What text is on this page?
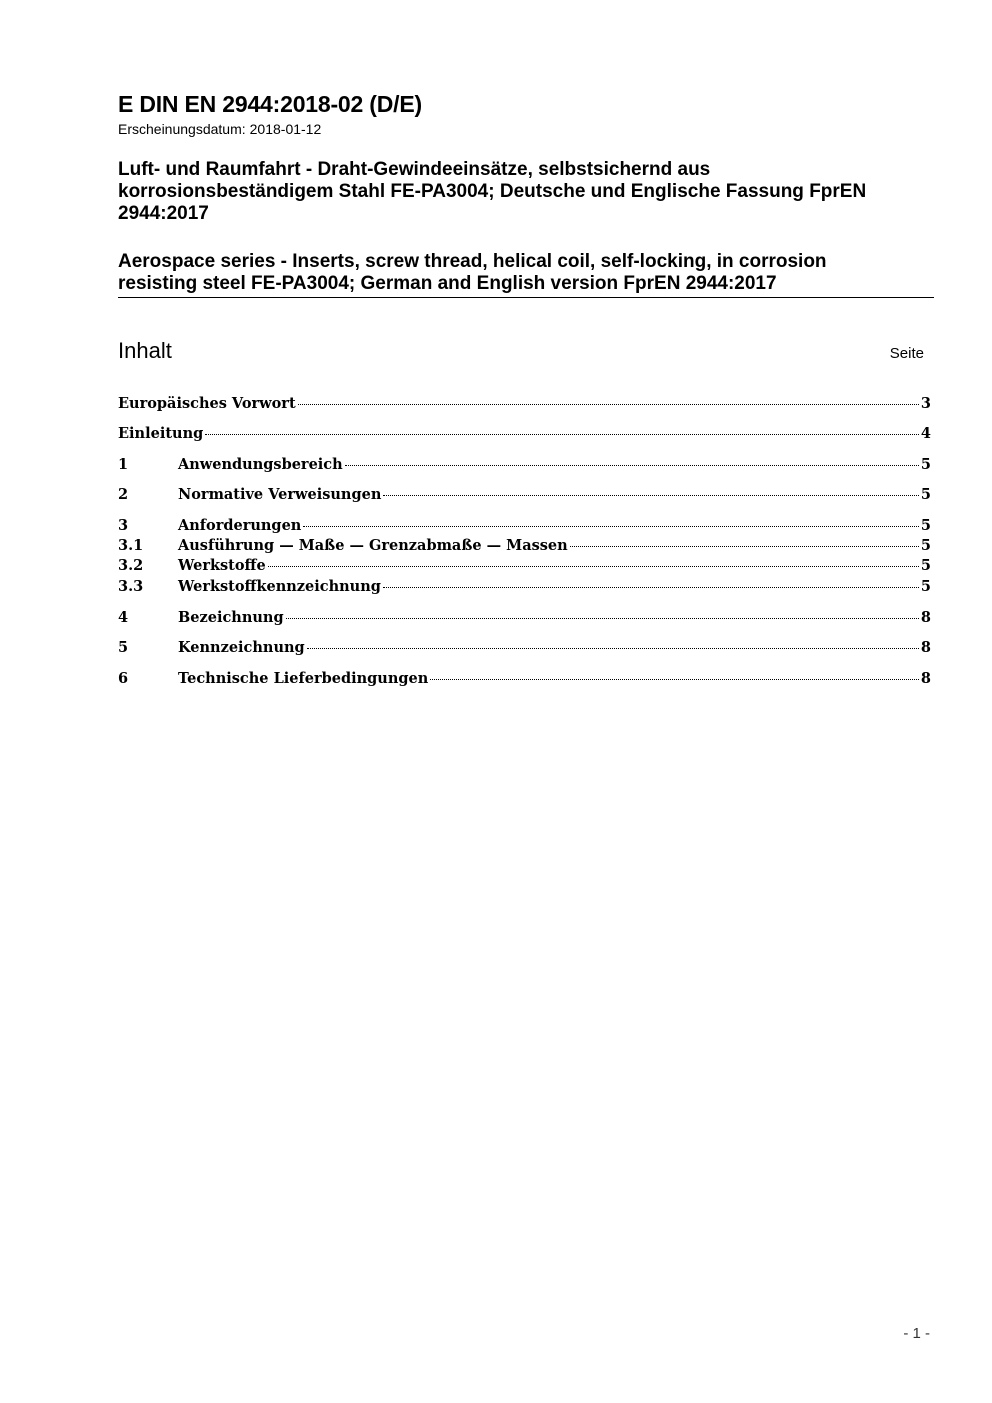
E DIN EN 2944:2018-02 (D/E)
Erscheinungsdatum: 2018-01-12
Luft- und Raumfahrt - Draht-Gewindeeinsätze, selbstsichernd aus
korrosionsbeständigem Stahl FE-PA3004; Deutsche und Englische Fassung FprEN
2944:2017
Aerospace series - Inserts, screw thread, helical coil, self-locking, in corrosion
resisting steel FE-PA3004; German and English version FprEN 2944:2017
Inhalt	Seite
Europäisches Vorwort	3
Einleitung	4
1	Anwendungsbereich	5
2	Normative Verweisungen	5
3	Anforderungen	5
3.1	Ausführung — Maße — Grenzabmaße — Massen	5
3.2	Werkstoffe	5
3.3	Werkstoffkennzeichnung	5
4	Bezeichnung	8
5	Kennzeichnung	8
6	Technische Lieferbedingungen	8
- 1 -
